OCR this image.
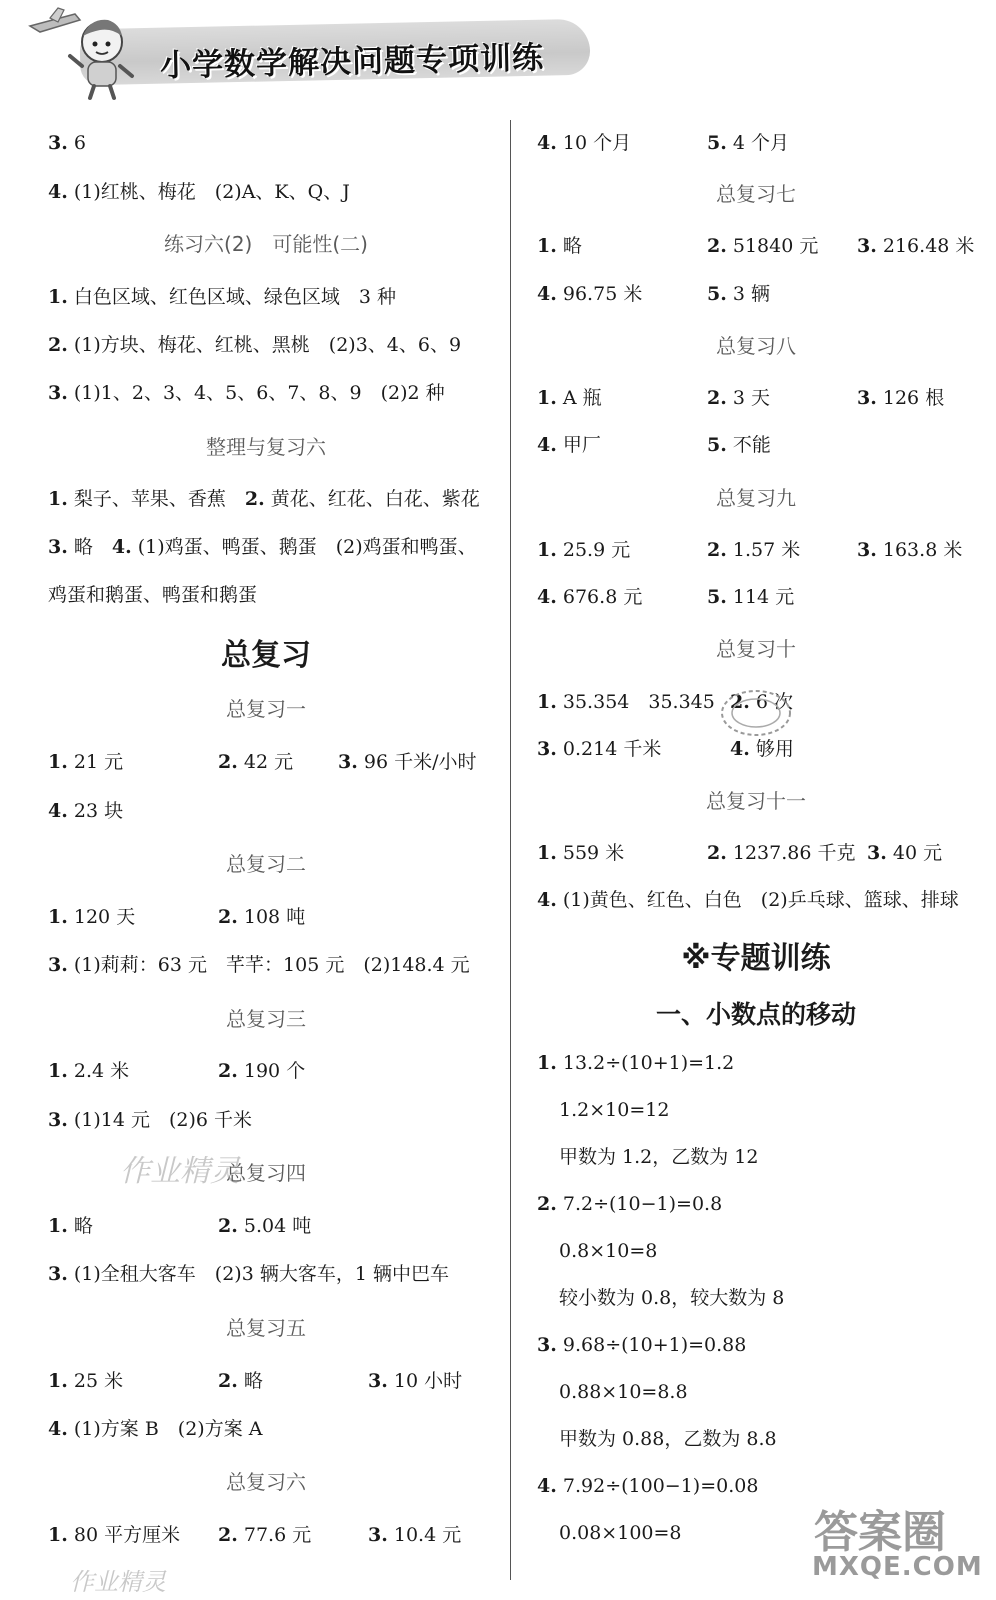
小学数学解决问题专项训练
3. 6
4. (1)红桃、梅花　(2)A、K、Q、J
练习六(2)　可能性(二)
1. 白色区域、红色区域、绿色区域　3 种
2. (1)方块、梅花、红桃、黑桃　(2)3、4、6、9
3. (1)1、2、3、4、5、6、7、8、9　(2)2 种
整理与复习六
1. 梨子、苹果、香蕉　2. 黄花、红花、白花、紫花
3. 略　4. (1)鸡蛋、鸭蛋、鹅蛋　(2)鸡蛋和鸭蛋、
鸡蛋和鹅蛋、鸭蛋和鹅蛋
总复习
总复习一
1. 21 元	2. 42 元 3. 96 千米/小时
4. 23 块
总复习二
1. 120 天	2. 108 吨
3. (1)莉莉：63 元　芊芊：105 元　(2)148.4 元
总复习三
1. 2.4 米	2. 190 个
3. (1)14 元　(2)6 千米
作业精灵
总复习四
1. 略	2. 5.04 吨
3. (1)全租大客车　(2)3 辆大客车，1 辆中巴车
总复习五
1. 25 米	2. 略	3. 10 小时
4. (1)方案 B　(2)方案 A
总复习六
1. 80 平方厘米 2. 77.6 元	3. 10.4 元
作业精灵
4. 10 个月	5. 4 个月
总复习七
1. 略	2. 51840 元 3. 216.48 米
4. 96.75 米	5. 3 辆
总复习八
1. A 瓶	2. 3 天	3. 126 根
4. 甲厂	5. 不能
总复习九
1. 25.9 元	2. 1.57 米	3. 163.8 米
4. 676.8 元	5. 114 元
总复习十
1. 35.354　35.345 2. 6 次
3. 0.214 千米	4. 够用
总复习十一
1. 559 米	2. 1237.86 千克 3. 40 元
4. (1)黄色、红色、白色　(2)乒乓球、篮球、排球
※专题训练
一、小数点的移动
1. 13.2÷(10+1)=1.2
1.2×10=12
甲数为 1.2，乙数为 12
2. 7.2÷(10−1)=0.8
0.8×10=8
较小数为 0.8，较大数为 8
3. 9.68÷(10+1)=0.88
0.88×10=8.8
甲数为 0.88，乙数为 8.8
4. 7.92÷(100−1)=0.08
0.08×100=8	答案圈
MXQE.COM
